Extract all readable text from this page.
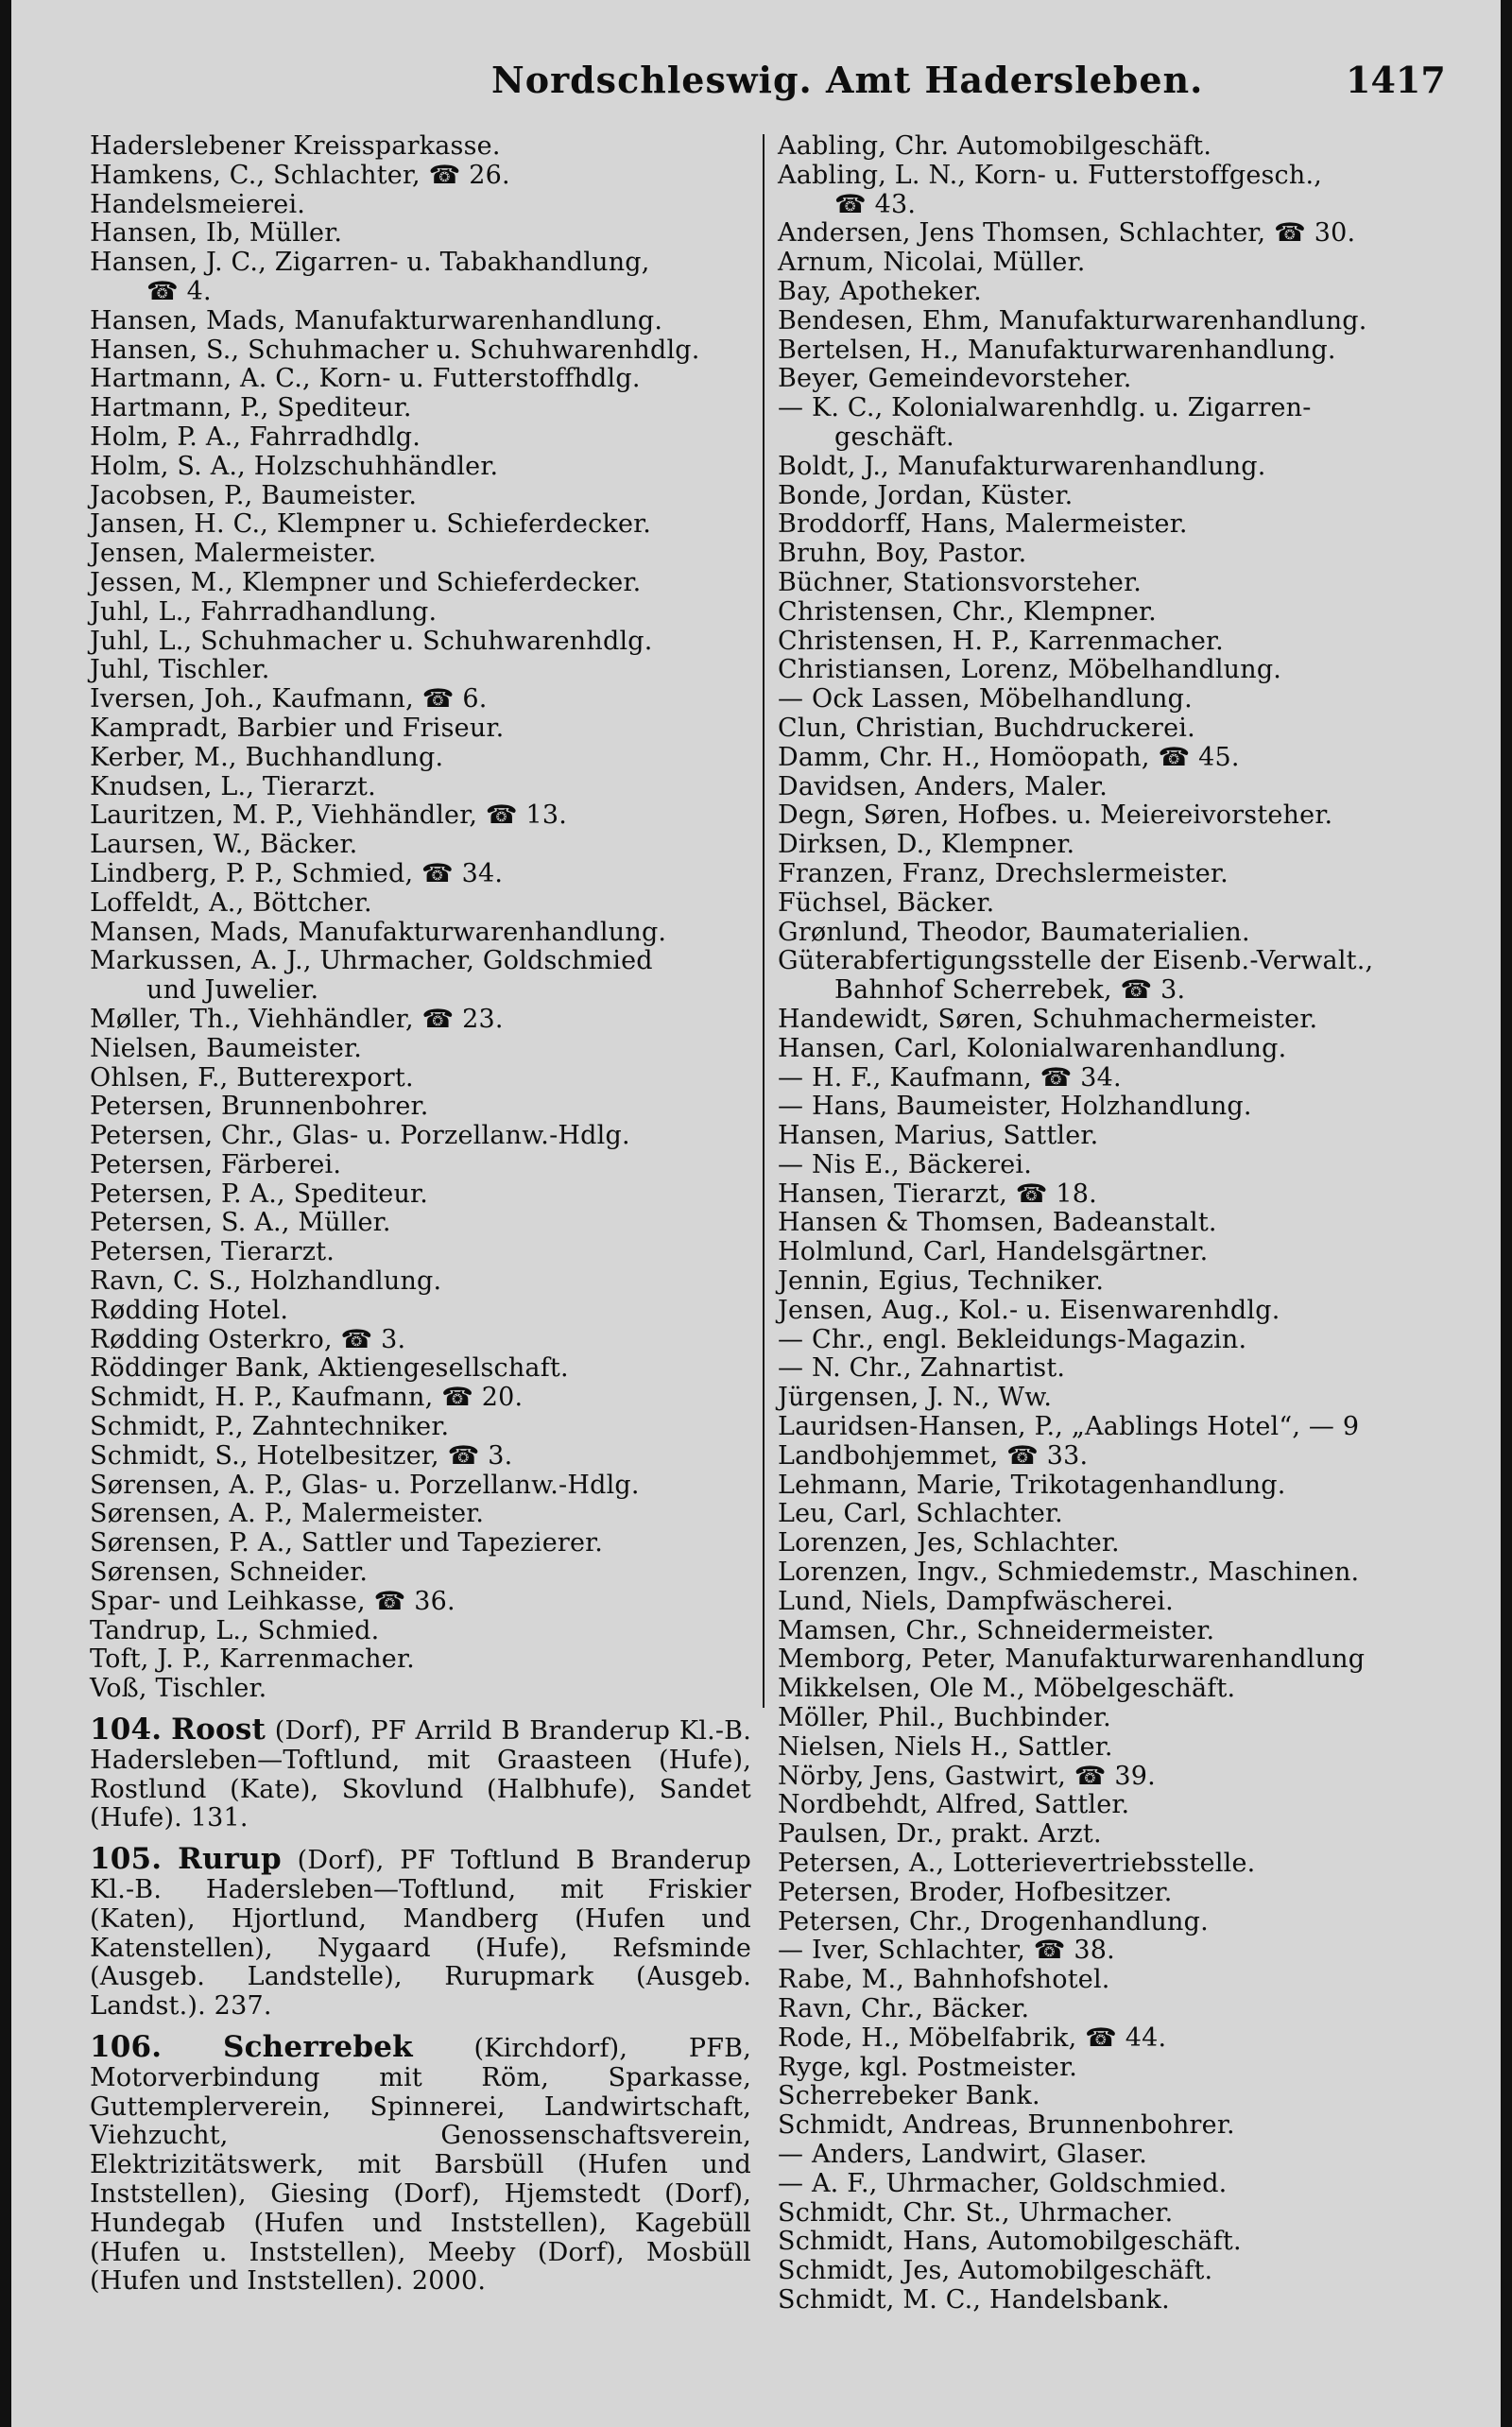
Nordschleswig. Amt Hadersleben.	1417
Haderslebener Kreissparkasse.
Hamkens, C., Schlachter, ☎ 26.
Handelsmeierei.
Hansen, Ib, Müller.
Hansen, J. C., Zigarren- u. Tabakhandlung,
☎ 4.
Hansen, Mads, Manufakturwarenhandlung.
Hansen, S., Schuhmacher u. Schuhwarenhdlg.
Hartmann, A. C., Korn- u. Futterstoffhdlg.
Hartmann, P., Spediteur.
Holm, P. A., Fahrradhdlg.
Holm, S. A., Holzschuhhändler.
Jacobsen, P., Baumeister.
Jansen, H. C., Klempner u. Schieferdecker.
Jensen, Malermeister.
Jessen, M., Klempner und Schieferdecker.
Juhl, L., Fahrradhandlung.
Juhl, L., Schuhmacher u. Schuhwarenhdlg.
Juhl, Tischler.
Iversen, Joh., Kaufmann, ☎ 6.
Kampradt, Barbier und Friseur.
Kerber, M., Buchhandlung.
Knudsen, L., Tierarzt.
Lauritzen, M. P., Viehhändler, ☎ 13.
Laursen, W., Bäcker.
Lindberg, P. P., Schmied, ☎ 34.
Loffeldt, A., Böttcher.
Mansen, Mads, Manufakturwarenhandlung.
Markussen, A. J., Uhrmacher, Goldschmied
und Juwelier.
Møller, Th., Viehhändler, ☎ 23.
Nielsen, Baumeister.
Ohlsen, F., Butterexport.
Petersen, Brunnenbohrer.
Petersen, Chr., Glas- u. Porzellanw.-Hdlg.
Petersen, Färberei.
Petersen, P. A., Spediteur.
Petersen, S. A., Müller.
Petersen, Tierarzt.
Ravn, C. S., Holzhandlung.
Rødding Hotel.
Rødding Osterkro, ☎ 3.
Röddinger Bank, Aktiengesellschaft.
Schmidt, H. P., Kaufmann, ☎ 20.
Schmidt, P., Zahntechniker.
Schmidt, S., Hotelbesitzer, ☎ 3.
Sørensen, A. P., Glas- u. Porzellanw.-Hdlg.
Sørensen, A. P., Malermeister.
Sørensen, P. A., Sattler und Tapezierer.
Sørensen, Schneider.
Spar- und Leihkasse, ☎ 36.
Tandrup, L., Schmied.
Toft, J. P., Karrenmacher.
Voß, Tischler.
104. Roost (Dorf), PF Arrild B Branderup Kl.-B. Hadersleben—Toftlund, mit Graasteen (Hufe), Rostlund (Kate), Skovlund (Halbhufe), Sandet (Hufe). 131.
105. Rurup (Dorf), PF Toftlund B Branderup Kl.-B. Hadersleben—Toftlund, mit Friskier (Katen), Hjortlund, Mandberg (Hufen und Katenstellen), Nygaard (Hufe), Refsminde (Ausgeb. Landstelle), Rurupmark (Ausgeb. Landst.). 237.
106. Scherrebek (Kirchdorf), PFB, Motorverbindung mit Röm, Sparkasse, Guttemplerverein, Spinnerei, Landwirtschaft, Viehzucht, Genossenschaftsverein, Elektrizitätswerk, mit Barsbüll (Hufen und Inststellen), Giesing (Dorf), Hjemstedt (Dorf), Hundegab (Hufen und Inststellen), Kagebüll (Hufen u. Inststellen), Meeby (Dorf), Mosbüll (Hufen und Inststellen). 2000.
Aabling, Chr. Automobilgeschäft.
Aabling, L. N., Korn- u. Futterstoffgesch.,
☎ 43.
Andersen, Jens Thomsen, Schlachter, ☎ 30.
Arnum, Nicolai, Müller.
Bay, Apotheker.
Bendesen, Ehm, Manufakturwarenhandlung.
Bertelsen, H., Manufakturwarenhandlung.
Beyer, Gemeindevorsteher.
— K. C., Kolonialwarenhdlg. u. Zigarren-
geschäft.
Boldt, J., Manufakturwarenhandlung.
Bonde, Jordan, Küster.
Broddorff, Hans, Malermeister.
Bruhn, Boy, Pastor.
Büchner, Stationsvorsteher.
Christensen, Chr., Klempner.
Christensen, H. P., Karrenmacher.
Christiansen, Lorenz, Möbelhandlung.
— Ock Lassen, Möbelhandlung.
Clun, Christian, Buchdruckerei.
Damm, Chr. H., Homöopath, ☎ 45.
Davidsen, Anders, Maler.
Degn, Søren, Hofbes. u. Meiereivorsteher.
Dirksen, D., Klempner.
Franzen, Franz, Drechslermeister.
Füchsel, Bäcker.
Grønlund, Theodor, Baumaterialien.
Güterabfertigungsstelle der Eisenb.-Verwalt.,
Bahnhof Scherrebek, ☎ 3.
Handewidt, Søren, Schuhmachermeister.
Hansen, Carl, Kolonialwarenhandlung.
— H. F., Kaufmann, ☎ 34.
— Hans, Baumeister, Holzhandlung.
Hansen, Marius, Sattler.
— Nis E., Bäckerei.
Hansen, Tierarzt, ☎ 18.
Hansen & Thomsen, Badeanstalt.
Holmlund, Carl, Handelsgärtner.
Jennin, Egius, Techniker.
Jensen, Aug., Kol.- u. Eisenwarenhdlg.
— Chr., engl. Bekleidungs-Magazin.
— N. Chr., Zahnartist.
Jürgensen, J. N., Ww.
Lauridsen-Hansen, P., „Aablings Hotel“, — 9
Landbohjemmet, ☎ 33.
Lehmann, Marie, Trikotagenhandlung.
Leu, Carl, Schlachter.
Lorenzen, Jes, Schlachter.
Lorenzen, Ingv., Schmiedemstr., Maschinen.
Lund, Niels, Dampfwäscherei.
Mamsen, Chr., Schneidermeister.
Memborg, Peter, Manufakturwarenhandlung
Mikkelsen, Ole M., Möbelgeschäft.
Möller, Phil., Buchbinder.
Nielsen, Niels H., Sattler.
Nörby, Jens, Gastwirt, ☎ 39.
Nordbehdt, Alfred, Sattler.
Paulsen, Dr., prakt. Arzt.
Petersen, A., Lotterievertriebsstelle.
Petersen, Broder, Hofbesitzer.
Petersen, Chr., Drogenhandlung.
— Iver, Schlachter, ☎ 38.
Rabe, M., Bahnhofshotel.
Ravn, Chr., Bäcker.
Rode, H., Möbelfabrik, ☎ 44.
Ryge, kgl. Postmeister.
Scherrebeker Bank.
Schmidt, Andreas, Brunnenbohrer.
— Anders, Landwirt, Glaser.
— A. F., Uhrmacher, Goldschmied.
Schmidt, Chr. St., Uhrmacher.
Schmidt, Hans, Automobilgeschäft.
Schmidt, Jes, Automobilgeschäft.
Schmidt, M. C., Handelsbank.
